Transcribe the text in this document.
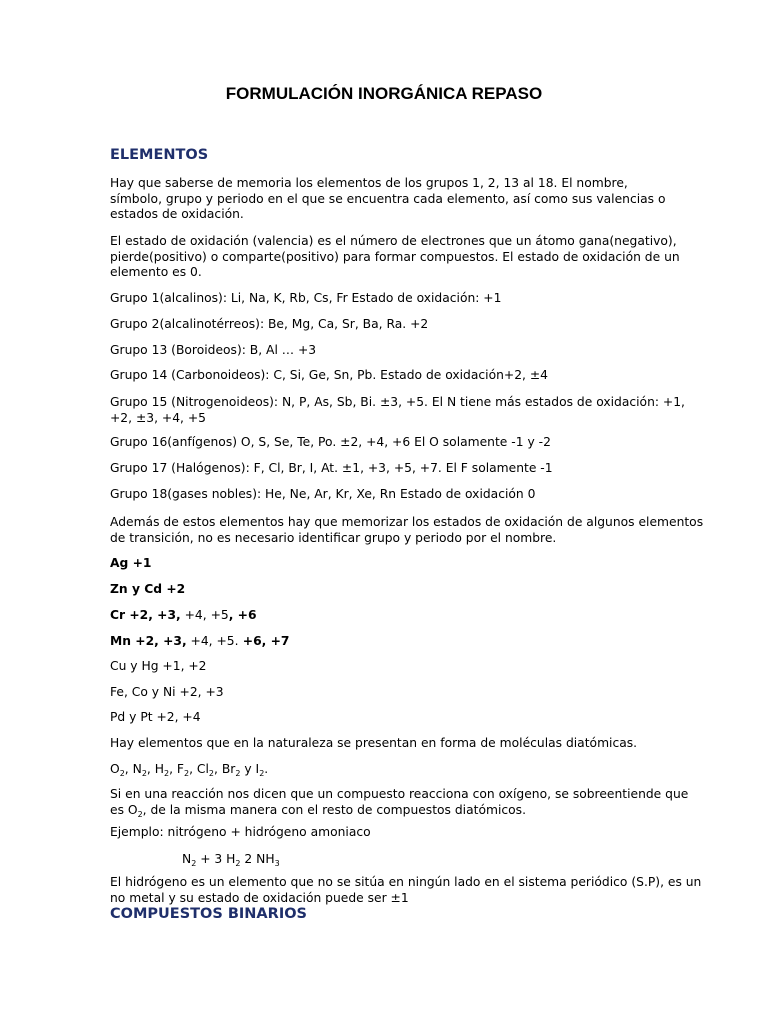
FORMULACIÓN INORGÁNICA REPASO
ELEMENTOS
Hay que saberse de memoria los elementos de los grupos 1, 2, 13 al 18. El nombre,
símbolo, grupo y periodo en el que se encuentra cada elemento, así como sus valencias o
estados de oxidación.
El estado de oxidación (valencia) es el número de electrones que un átomo gana(negativo),
pierde(positivo) o comparte(positivo) para formar compuestos. El estado de oxidación de un
elemento es 0.
Grupo 1(alcalinos): Li, Na, K, Rb, Cs, Fr Estado de oxidación: +1
Grupo 2(alcalinotérreos): Be, Mg, Ca, Sr, Ba, Ra. +2
Grupo 13 (Boroideos): B, Al … +3
Grupo 14 (Carbonoideos): C, Si, Ge, Sn, Pb. Estado de oxidación+2, ±4
Grupo 15 (Nitrogenoideos): N, P, As, Sb, Bi. ±3, +5. El N tiene más estados de oxidación: +1,
+2, ±3, +4, +5
Grupo 16(anfígenos) O, S, Se, Te, Po. ±2, +4, +6 El O solamente -1 y -2
Grupo 17 (Halógenos): F, Cl, Br, I, At. ±1, +3, +5, +7. El F solamente -1
Grupo 18(gases nobles): He, Ne, Ar, Kr, Xe, Rn Estado de oxidación 0
Además de estos elementos hay que memorizar los estados de oxidación de algunos elementos
de transición, no es necesario identificar grupo y periodo por el nombre.
Ag +1
Zn y Cd +2
Cr +2, +3, +4, +5, +6
Mn +2, +3, +4, +5. +6, +7
Cu y Hg +1, +2
Fe, Co y Ni +2, +3
Pd y Pt +2, +4
Hay elementos que en la naturaleza se presentan en forma de moléculas diatómicas.
$O_2$, $N_2$, $H_2$, $F_2$, $Cl_2$, $Br_2$ y $I_2$.
Si en una reacción nos dicen que un compuesto reacciona con oxígeno, se sobreentiende que
es $O_2$, de la misma manera con el resto de compuestos diatómicos.
Ejemplo: nitrógeno + hidrógeno amoniaco
$N_2 + 3$ $H_2$ 2 $NH_3$
El hidrógeno es un elemento que no se sitúa en ningún lado en el sistema periódico (S.P), es un
no metal y su estado de oxidación puede ser ±1
COMPUESTOS BINARIOS
